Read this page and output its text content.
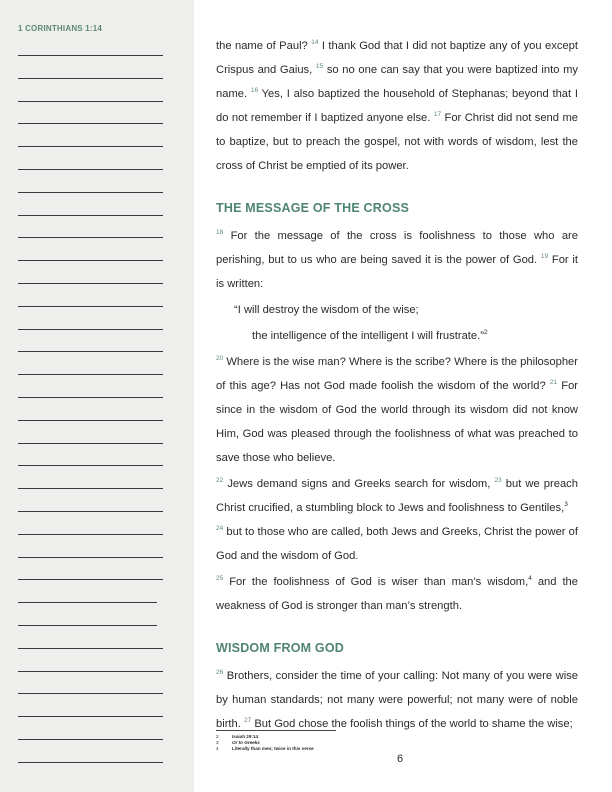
1 CORINTHIANS 1:14

the name of Paul? $^{14}$ I thank God that I did not baptize any of you except Crispus and Gaius, $^{15}$ so no one can say that you were baptized into my name. $^{16}$ Yes, I also baptized the household of Stephanas; beyond that I do not remember if I baptized anyone else. $^{17}$ For Christ did not send me to baptize, but to preach the gospel, not with words of wisdom, lest the cross of Christ be emptied of its power.

THE MESSAGE OF THE CROSS

$^{18}$ For the message of the cross is foolishness to those who are perishing, but to us who are being saved it is the power of God. $^{19}$ For it is written:

“I will destroy the wisdom of the wise;

the intelligence of the intelligent I will frustrate.”$^2$

$^{20}$ Where is the wise man? Where is the scribe? Where is the philosopher of this age? Has not God made foolish the wisdom of the world? $^{21}$ For since in the wisdom of God the world through its wisdom did not know Him, God was pleased through the foolishness of what was preached to save those who believe.

$^{22}$ Jews demand signs and Greeks search for wisdom, $^{23}$ but we preach Christ crucified, a stumbling block to Jews and foolishness to Gentiles,$^3$
$^{24}$ but to those who are called, both Jews and Greeks, Christ the power of God and the wisdom of God.

$^{25}$ For the foolishness of God is wiser than man’s wisdom,$^4$ and the weakness of God is stronger than man’s strength.

WISDOM FROM GOD

$^{26}$ Brothers, consider the time of your calling: Not many of you were wise by human standards; not many were powerful; not many were of noble birth. $^{27}$ But God chose the foolish things of the world to shame the wise;

2	Isaiah 29:14
3	Or to Greeks
4	Literally than men; twice in this verse
6
